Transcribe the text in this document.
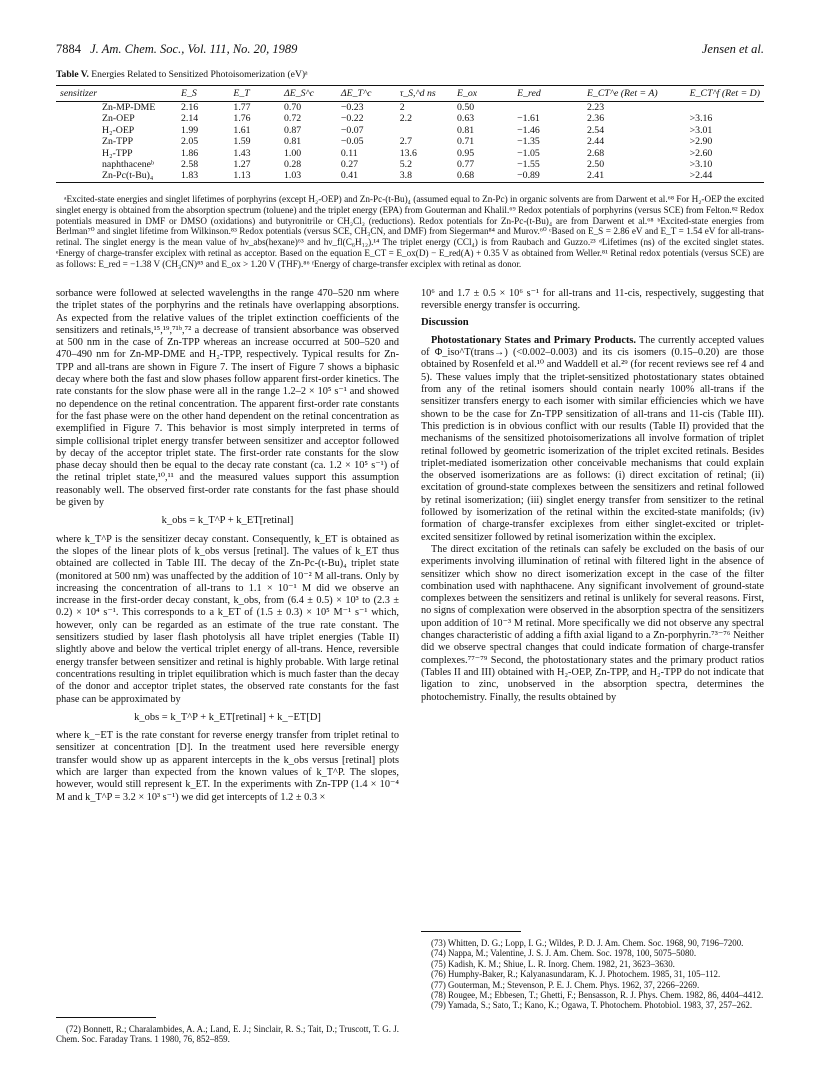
7884 J. Am. Chem. Soc., Vol. 111, No. 20, 1989	Jensen et al.
Table V. Energies Related to Sensitized Photoisomerization (eV)ᵃ
sensitizer	E_S	E_T	ΔE_S^c	ΔE_T^c	τ_S,^d ns	E_ox	E_red	E_CT^e (Ret = A)	E_CT^f (Ret = D)
Zn-MP-DME	2.16	1.77	0.70	−0.23	2	0.50		2.23	
Zn-OEP	2.14	1.76	0.72	−0.22	2.2	0.63	−1.61	2.36	>3.16
H₂-OEP	1.99	1.61	0.87	−0.07		0.81	−1.46	2.54	>3.01
Zn-TPP	2.05	1.59	0.81	−0.05	2.7	0.71	−1.35	2.44	>2.90
H₂-TPP	1.86	1.43	1.00	0.11	13.6	0.95	−1.05	2.68	>2.60
naphthaceneᵇ	2.58	1.27	0.28	0.27	5.2	0.77	−1.55	2.50	>3.10
Zn-Pc(t-Bu)₄	1.83	1.13	1.03	0.41	3.8	0.68	−0.89	2.41	>2.44

ᵃExcited-state energies and singlet lifetimes of porphyrins (except H₂-OEP) and Zn-Pc-(t-Bu)₄ (assumed equal to Zn-Pc) in organic solvents are from Darwent et al.⁶⁸ For H₂-OEP the excited singlet energy is obtained from the absorption spectrum (toluene) and the triplet energy (EPA) from Gouterman and Khalil.⁶⁹ Redox potentials of porphyrins (versus SCE) from Felton.⁸² Redox potentials measured in DMF or DMSO (oxidations) and butyronitrile or CH₂Cl₂ (reductions). Redox potentials for Zn-Pc-(t-Bu)₄ are from Darwent et al.⁶⁸ ᵇExcited-state energies from Berlman⁷⁰ and singlet lifetime from Wilkinson.⁸³ Redox potentials (versus SCE, CH₃CN, and DMF) from Siegerman⁸⁴ and Murov.⁶⁰ ᶜBased on E_S = 2.86 eV and E_T = 1.54 eV for all-trans-retinal. The singlet energy is the mean value of hν_abs(hexane)⁶³ and hν_fl(C₆H₁₂).¹⁴ The triplet energy (CCl₄) is from Raubach and Guzzo.²³ ᵈLifetimes (ns) of the excited singlet states. ᵉEnergy of charge-transfer exciplex with retinal as acceptor. Based on the equation E_CT = E_ox(D) − E_red(A) + 0.35 V as obtained from Weller.⁸¹ Retinal redox potentials (versus SCE) are as follows: E_red = −1.38 V (CH₃CN)⁸⁵ and E_ox > 1.20 V (THF).⁸⁶ ᶠEnergy of charge-transfer exciplex with retinal as donor.

sorbance were followed at selected wavelengths in the range 470–520 nm where the triplet states of the porphyrins and the retinals have overlapping absorptions. As expected from the relative values of the triplet extinction coefficients of the sensitizers and retinals,¹⁵,¹⁹,⁷¹ᵇ,⁷² a decrease of transient absorbance was observed at 500 nm in the case of Zn-TPP whereas an increase occurred at 500–520 and 470–490 nm for Zn-MP-DME and H₂-TPP, respectively. Typical results for Zn-TPP and all-trans are shown in Figure 7. The insert of Figure 7 shows a biphasic decay where both the fast and slow phases follow apparent first-order kinetics. The rate constants for the slow phase were all in the range 1.2–2 × 10⁵ s⁻¹ and showed no dependence on the retinal concentration. The apparent first-order rate constants for the fast phase were on the other hand dependent on the retinal concentration as exemplified in Figure 7. This behavior is most simply interpreted in terms of simple collisional triplet energy transfer between sensitizer and acceptor followed by decay of the acceptor triplet state. The first-order rate constants for the slow phase decay should then be equal to the decay rate constant (ca. 1.2 × 10⁵ s⁻¹) of the retinal triplet state,¹⁰,¹¹ and the measured values support this assumption reasonably well. The observed first-order rate constants for the fast phase should be given by

k_obs = k_T^P + k_ET[retinal]

where k_T^P is the sensitizer decay constant. Consequently, k_ET is obtained as the slopes of the linear plots of k_obs versus [retinal]. The values of k_ET thus obtained are collected in Table III. The decay of the Zn-Pc-(t-Bu)₄ triplet state (monitored at 500 nm) was unaffected by the addition of 10⁻² M all-trans. Only by increasing the concentration of all-trans to 1.1 × 10⁻¹ M did we observe an increase in the first-order decay constant, k_obs, from (6.4 ± 0.5) × 10³ to (2.3 ± 0.2) × 10⁴ s⁻¹. This corresponds to a k_ET of (1.5 ± 0.3) × 10⁵ M⁻¹ s⁻¹ which, however, only can be regarded as an estimate of the true rate constant. The sensitizers studied by laser flash photolysis all have triplet energies (Table II) slightly above and below the vertical triplet energy of all-trans. Hence, reversible energy transfer between sensitizer and retinal is highly probable. With large retinal concentrations resulting in triplet equilibration which is much faster than the decay of the donor and acceptor triplet states, the observed rate constants for the fast phase can be approximated by

k_obs = k_T^P + k_ET[retinal] + k_−ET[D]

where k_−ET is the rate constant for reverse energy transfer from triplet retinal to sensitizer at concentration [D]. In the treatment used here reversible energy transfer would show up as apparent intercepts in the k_obs versus [retinal] plots which are larger than expected from the known values of k_T^P. The slopes, however, would still represent k_ET. In the experiments with Zn-TPP (1.4 × 10⁻⁴ M and k_T^P = 3.2 × 10³ s⁻¹) we did get intercepts of 1.2 ± 0.3 ×

(72) Bonnett, R.; Charalambides, A. A.; Land, E. J.; Sinclair, R. S.; Tait, D.; Truscott, T. G. J. Chem. Soc. Faraday Trans. 1 1980, 76, 852–859.

10⁶ and 1.7 ± 0.5 × 10⁶ s⁻¹ for all-trans and 11-cis, respectively, suggesting that reversible energy transfer is occurring.

Discussion

Photostationary States and Primary Products. The currently accepted values of Φ_iso^T(trans→) (<0.002–0.003) and its cis isomers (0.15–0.20) are those obtained by Rosenfeld et al.¹⁰ and Waddell et al.²⁹ (for recent reviews see ref 4 and 5). These values imply that the triplet-sensitized photostationary states obtained from any of the retinal isomers should contain nearly 100% all-trans if the sensitizer transfers energy to each isomer with similar efficiencies which we have shown to be the case for Zn-TPP sensitization of all-trans and 11-cis (Table III). This prediction is in obvious conflict with our results (Table II) provided that the mechanisms of the sensitized photoisomerizations all involve formation of triplet retinal followed by geometric isomerization of the triplet excited retinals. Besides triplet-mediated isomerization other conceivable mechanisms that could explain the observed isomerizations are as follows: (i) direct excitation of retinal; (ii) excitation of ground-state complexes between the sensitizers and retinal followed by retinal isomerization; (iii) singlet energy transfer from sensitizer to the retinal followed by isomerization of the retinal within the excited-state manifolds; (iv) formation of charge-transfer exciplexes from either singlet-excited or triplet-excited sensitizer followed by retinal isomerization within the exciplex.

The direct excitation of the retinals can safely be excluded on the basis of our experiments involving illumination of retinal with filtered light in the absence of sensitizer which show no direct isomerization except in the case of the filter combination used with naphthacene. Any significant involvement of ground-state complexes between the sensitizers and retinal is unlikely for several reasons. First, no signs of complexation were observed in the absorption spectra of the sensitizers upon addition of 10⁻³ M retinal. More specifically we did not observe any spectral changes characteristic of adding a fifth axial ligand to a Zn-porphyrin.⁷³⁻⁷⁶ Neither did we observe spectral changes that could indicate formation of charge-transfer complexes.⁷⁷⁻⁷⁹ Second, the photostationary states and the primary product ratios (Tables II and III) obtained with H₂-OEP, Zn-TPP, and H₂-TPP do not indicate that ligation to zinc, unobserved in the absorption spectra, determines the photochemistry. Finally, the results obtained by

(73) Whitten, D. G.; Lopp, I. G.; Wildes, P. D. J. Am. Chem. Soc. 1968, 90, 7196–7200.
(74) Nappa, M.; Valentine, J. S. J. Am. Chem. Soc. 1978, 100, 5075–5080.
(75) Kadish, K. M.; Shiue, L. R. Inorg. Chem. 1982, 21, 3623–3630.
(76) Humphy-Baker, R.; Kalyanasundaram, K. J. Photochem. 1985, 31, 105–112.
(77) Gouterman, M.; Stevenson, P. E. J. Chem. Phys. 1962, 37, 2266–2269.
(78) Rougee, M.; Ebbesen, T.; Ghetti, F.; Bensasson, R. J. Phys. Chem. 1982, 86, 4404–4412.
(79) Yamada, S.; Sato, T.; Kano, K.; Ogawa, T. Photochem. Photobiol. 1983, 37, 257–262.
